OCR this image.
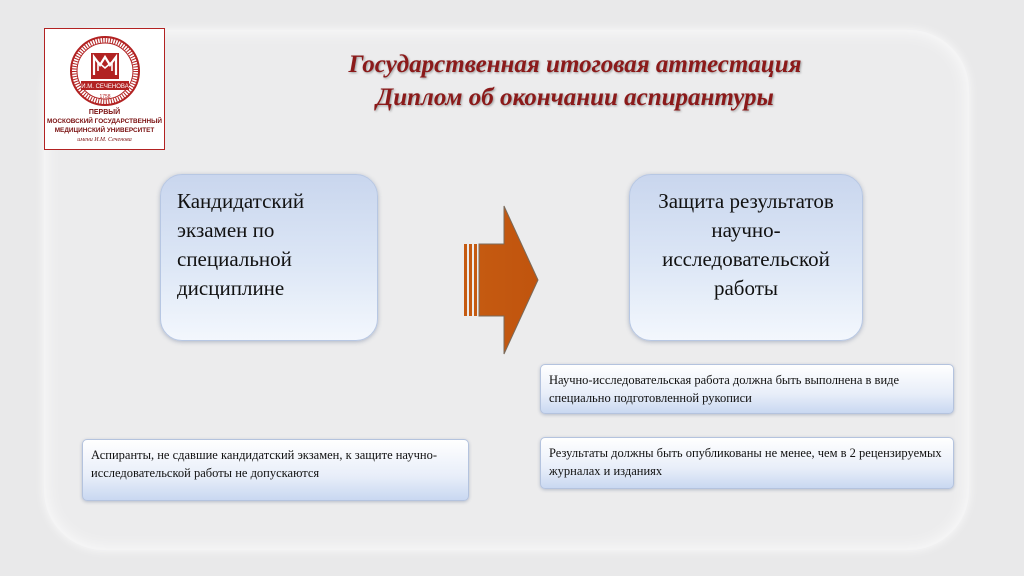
И.М. СЕЧЕНОВА
1758
ПЕРВЫЙ
МОСКОВСКИЙ ГОСУДАРСТВЕННЫЙ
МЕДИЦИНСКИЙ УНИВЕРСИТЕТ
имени И.М. Сеченова
Государственная итоговая аттестация
Диплом об окончании аспирантуры
Кандидатский экзамен по специальной дисциплине
Защита результатов научно-исследовательской работы
Научно-исследовательская работа должна быть выполнена в виде специально подготовленной рукописи
Результаты должны быть опубликованы не менее, чем в 2 рецензируемых журналах и изданиях
Аспиранты, не сдавшие кандидатский экзамен, к защите научно-исследовательской работы не допускаются
